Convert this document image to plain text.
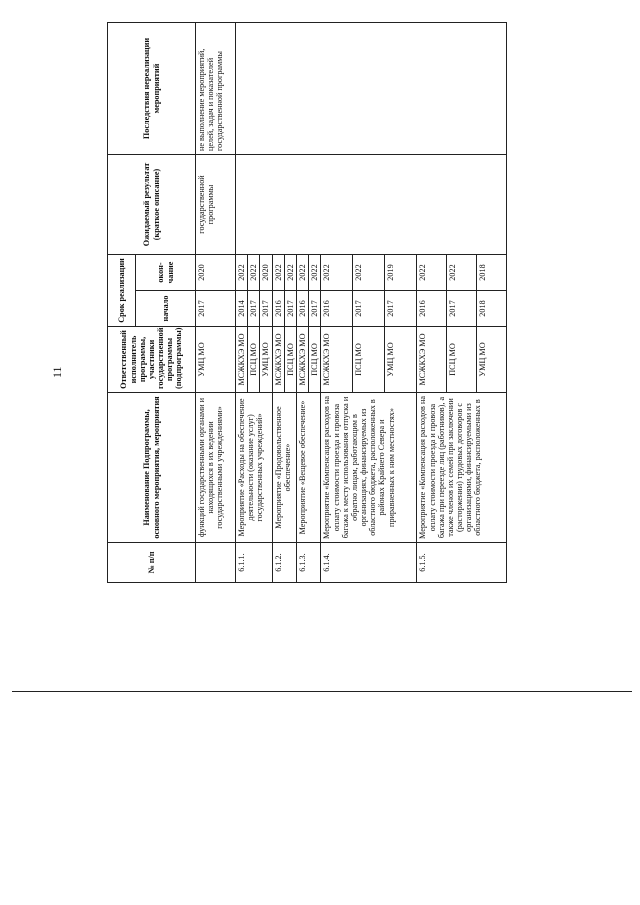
11
№ п/п	Наименование Подпрограммы, основного мероприятия, мероприятия	Ответственный исполнитель программы, участники государственной программы (подпрограммы)	Срок реализации		Ожидаемый результат (краткое описание)	Последствия нереализации мероприятий
			начало	окон-чание		
	функций государственными органами и находящихся в их ведении государственными учреждениями»	УМЦ МО	2017	2020	государственной программы	не выполнение мероприятий, целей, задач и показателей государственной программы
6.1.1.	Мероприятие «Расходы на обеспечение деятельности (оказание услуг) государственных учреждений»	МСЖКХЭ МО	2014	2022		
		ПСЦ МО	2017	2022		
		УМЦ МО	2017	2020		
6.1.2.	Мероприятие «Продовольственное обеспечение»	МСЖКХЭ МО	2016	2022		
		ПСЦ МО	2017	2022		
6.1.3.	Мероприятие «Вещевое обеспечение»	МСЖКХЭ МО	2016	2022		
		ПСЦ МО	2017	2022		
6.1.4.	Мероприятие «Компенсация расходов на оплату стоимости проезда и провоза багажа к месту использования отпуска и обратно лицам, работающим в организациях, финансируемых из областного бюджета, расположенных в районах Крайнего Севера и приравненных к ним местностях»	МСЖКХЭ МО	2016	2022		
		ПСЦ МО	2017	2022		
		УМЦ МО	2017	2019		
6.1.5.	Мероприятие «Компенсация расходов на оплату стоимости проезда и провоза багажа при переезде лиц (работников), а также членов их семей при заключении (расторжении) трудовых договоров с организациями, финансируемыми из областного бюджета, расположенных в	МСЖКХЭ МО	2016	2022		
		ПСЦ МО	2017	2022		
		УМЦ МО	2018	2018		
